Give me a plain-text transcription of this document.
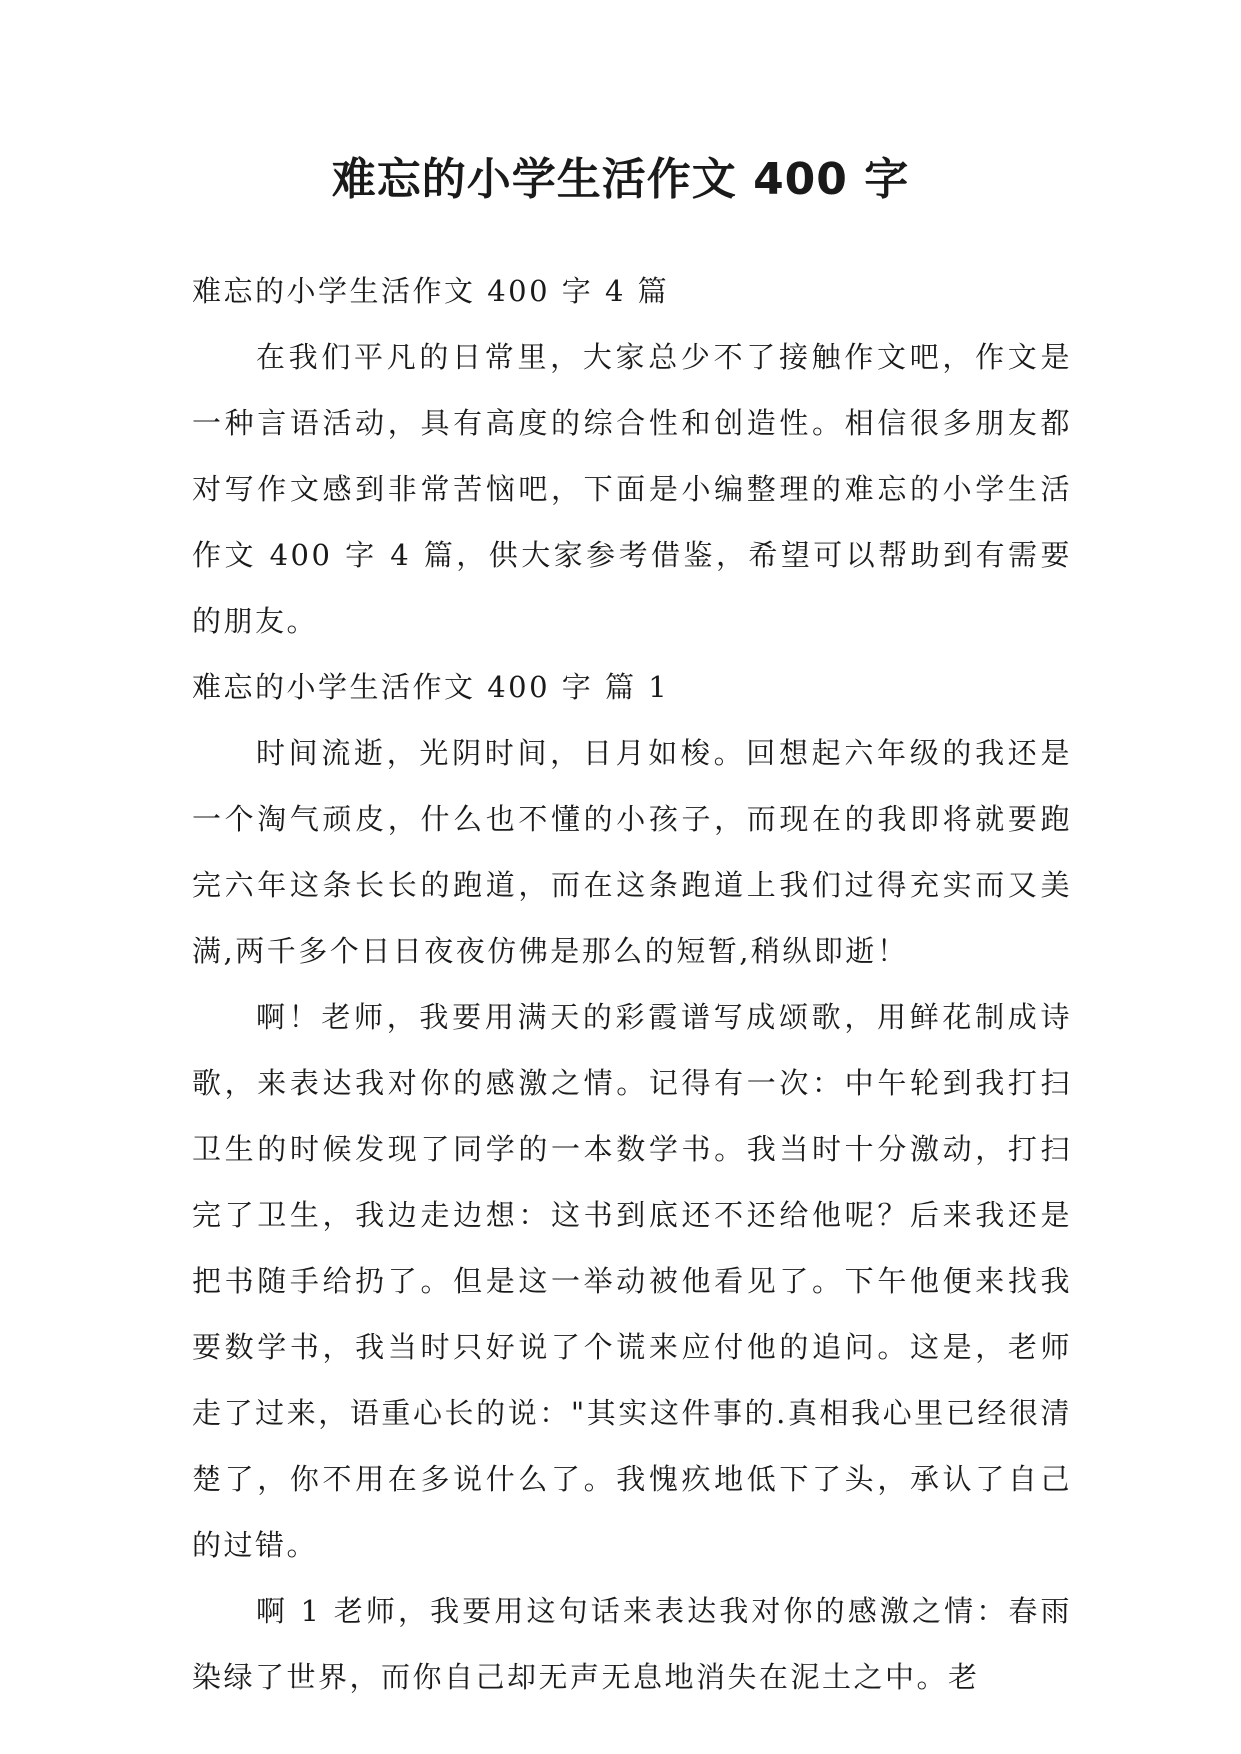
难忘的小学生活作文 400 字

难忘的小学生活作文 400 字 4 篇

在我们平凡的日常里，大家总少不了接触作文吧，作文是一种言语活动，具有高度的综合性和创造性。相信很多朋友都对写作文感到非常苦恼吧，下面是小编整理的难忘的小学生活作文 400 字 4 篇，供大家参考借鉴，希望可以帮助到有需要的朋友。

难忘的小学生活作文 400 字 篇 1

时间流逝，光阴时间，日月如梭。回想起六年级的我还是一个淘气顽皮，什么也不懂的小孩子，而现在的我即将就要跑完六年这条长长的跑道，而在这条跑道上我们过得充实而又美满,两千多个日日夜夜仿佛是那么的短暂,稍纵即逝！

啊！老师，我要用满天的彩霞谱写成颂歌，用鲜花制成诗歌，来表达我对你的感激之情。记得有一次：中午轮到我打扫卫生的时候发现了同学的一本数学书。我当时十分激动，打扫完了卫生，我边走边想：这书到底还不还给他呢？后来我还是把书随手给扔了。但是这一举动被他看见了。下午他便来找我要数学书，我当时只好说了个谎来应付他的追问。这是，老师走了过来，语重心长的说："其实这件事的.真相我心里已经很清楚了，你不用在多说什么了。我愧疚地低下了头，承认了自己的过错。

啊 1 老师，我要用这句话来表达我对你的感激之情：春雨染绿了世界，而你自己却无声无息地消失在泥土之中。老
